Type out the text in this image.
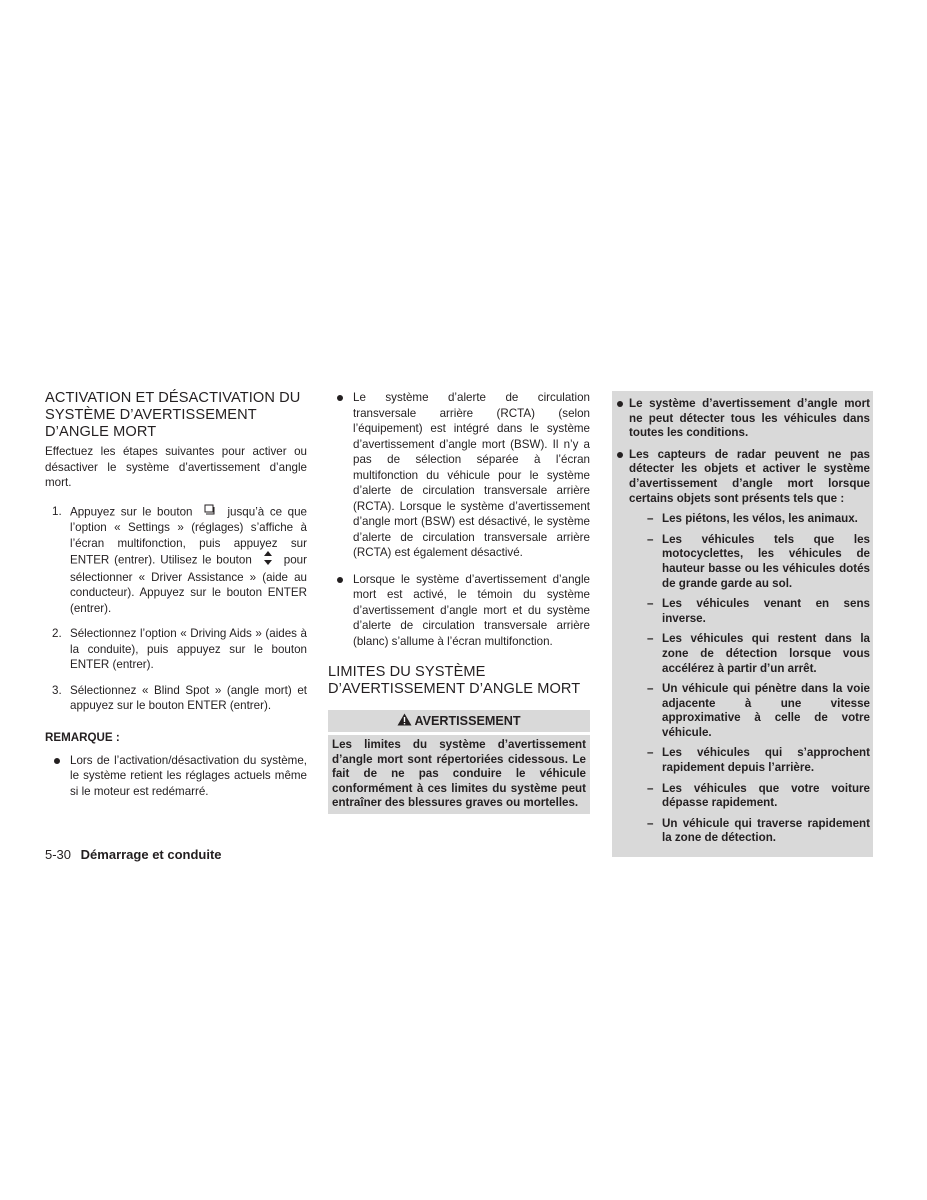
ACTIVATION ET DÉSACTIVATION DU SYSTÈME D’AVERTISSEMENT D’ANGLE MORT

Effectuez les étapes suivantes pour activer ou désactiver le système d’avertissement d’angle mort.

1. Appuyez sur le bouton	jusqu’à ce que l’option « Settings » (réglages) s’affiche à l’écran multifonction, puis appuyez sur ENTER (entrer). Utilisez le bouton	pour sélectionner « Driver Assistance » (aide au conducteur). Appuyez sur le bouton ENTER (entrer).
2. Sélectionnez l’option « Driving Aids » (aides à la conduite), puis appuyez sur le bouton ENTER (entrer).
3. Sélectionnez « Blind Spot » (angle mort) et appuyez sur le bouton ENTER (entrer).
REMARQUE :
Lors de l’activation/désactivation du système, le système retient les réglages actuels même si le moteur est redémarré.
Le système d’alerte de circulation transversale arrière (RCTA) (selon l’équipement) est intégré dans le système d’avertissement d’angle mort (BSW). Il n’y a pas de sélection séparée à l’écran multifonction du véhicule pour le système d’alerte de circulation transversale arrière (RCTA). Lorsque le système d’avertissement d’angle mort (BSW) est désactivé, le système d’alerte de circulation transversale arrière (RCTA) est également désactivé.
Lorsque le système d’avertissement d’angle mort est activé, le témoin du système d’avertissement d’angle mort et du système d’alerte de circulation transversale arrière (blanc) s’allume à l’écran multifonction.
LIMITES DU SYSTÈME D’AVERTISSEMENT D’ANGLE MORT
AVERTISSEMENT
Les limites du système d’avertissement d’angle mort sont répertoriées cidessous. Le fait de ne pas conduire le véhicule conformément à ces limites du système peut entraîner des blessures graves ou mortelles.
Le système d’avertissement d’angle mort ne peut détecter tous les véhicules dans toutes les conditions.
Les capteurs de radar peuvent ne pas détecter les objets et activer le système d’avertissement d’angle mort lorsque certains objets sont présents tels que :
– Les piétons, les vélos, les animaux.
– Les véhicules tels que les motocyclettes, les véhicules de hauteur basse ou les véhicules dotés de grande garde au sol.
– Les véhicules venant en sens inverse.
– Les véhicules qui restent dans la zone de détection lorsque vous accélérez à partir d’un arrêt.
– Un véhicule qui pénètre dans la voie adjacente à une vitesse approximative à celle de votre véhicule.
– Les véhicules qui s’approchent rapidement depuis l’arrière.
– Les véhicules que votre voiture dépasse rapidement.
– Un véhicule qui traverse rapidement la zone de détection.
5-30 Démarrage et conduite
